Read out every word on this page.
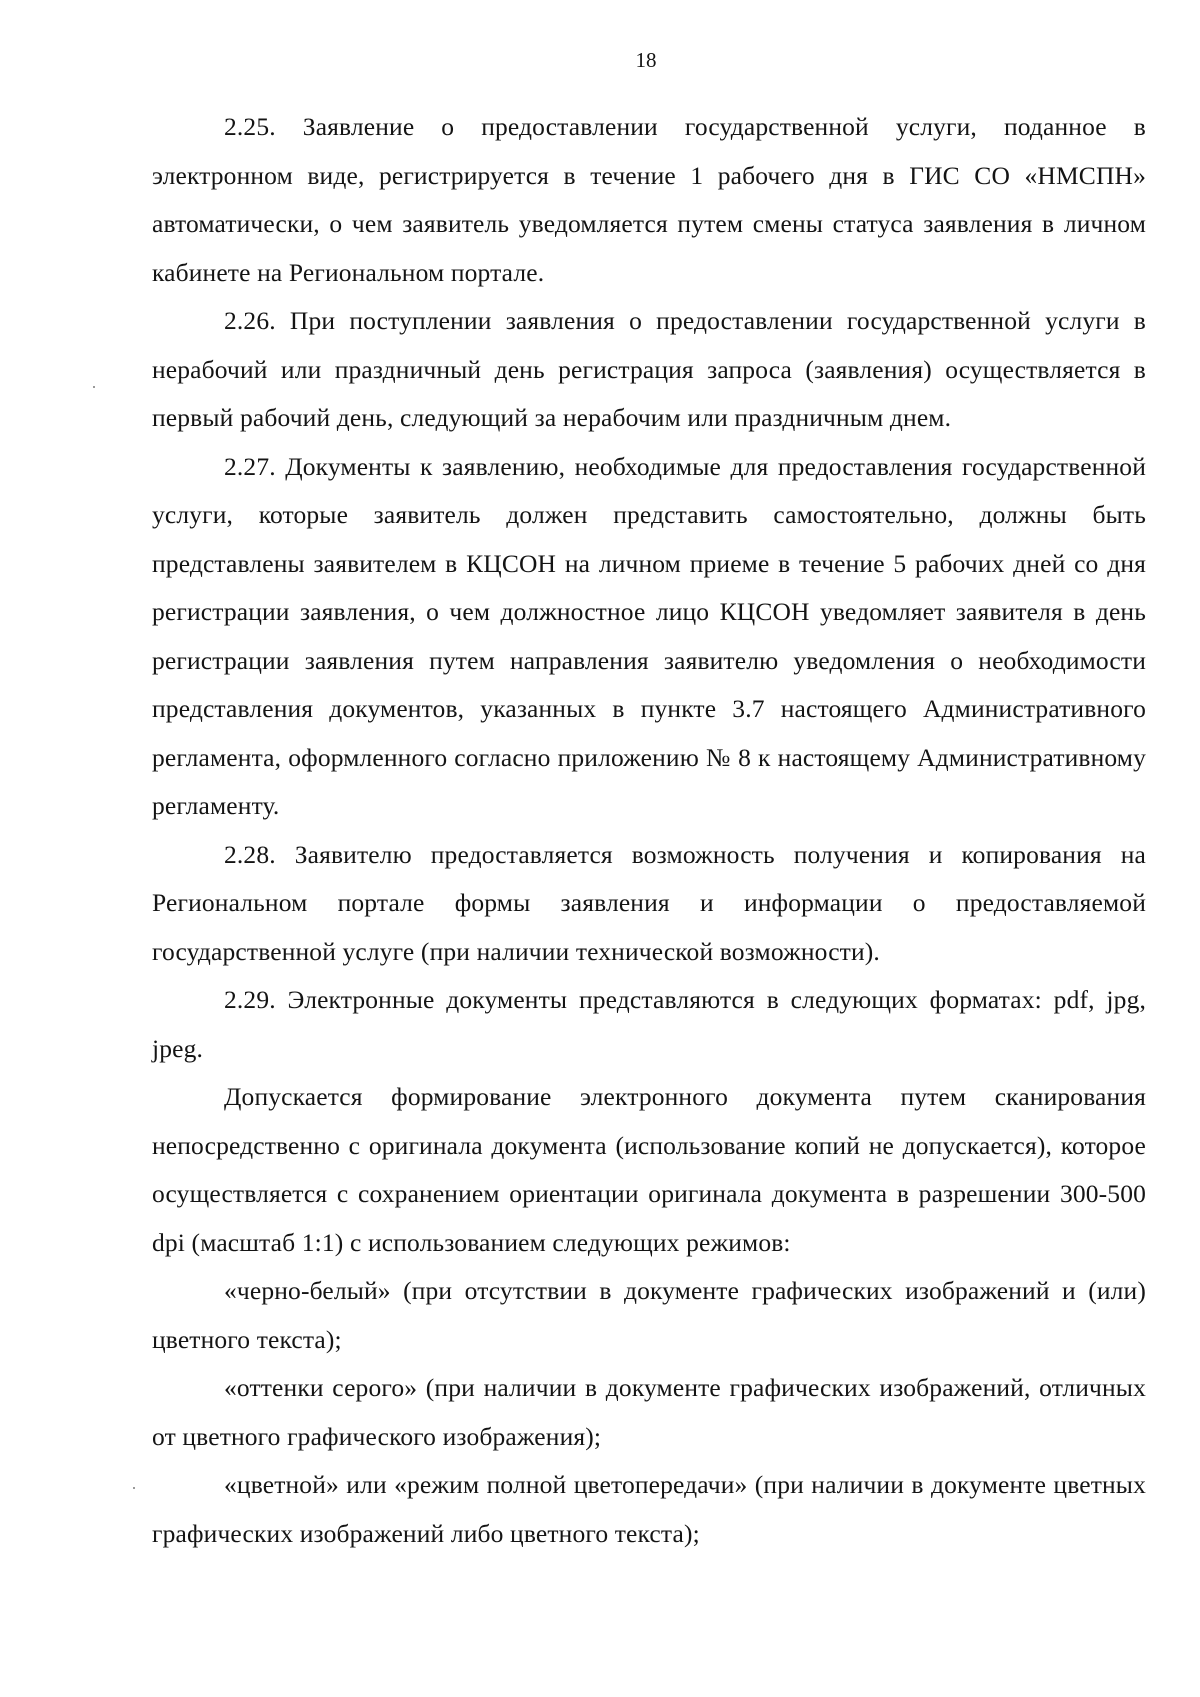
18

2.25. Заявление о предоставлении государственной услуги, поданное в электронном виде, регистрируется в течение 1 рабочего дня в ГИС СО «НМСПН» автоматически, о чем заявитель уведомляется путем смены статуса заявления в личном кабинете на Региональном портале.

2.26. При поступлении заявления о предоставлении государственной услуги в нерабочий или праздничный день регистрация запроса (заявления) осуществляется в первый рабочий день, следующий за нерабочим или праздничным днем.

2.27. Документы к заявлению, необходимые для предоставления государственной услуги, которые заявитель должен представить самостоятельно, должны быть представлены заявителем в КЦСОН на личном приеме в течение 5 рабочих дней со дня регистрации заявления, о чем должностное лицо КЦСОН уведомляет заявителя в день регистрации заявления путем направления заявителю уведомления о необходимости представления документов, указанных в пункте 3.7 настоящего Административного регламента, оформленного согласно приложению № 8 к настоящему Административному регламенту.

2.28. Заявителю предоставляется возможность получения и копирования на Региональном портале формы заявления и информации о предоставляемой государственной услуге (при наличии технической возможности).

2.29. Электронные документы представляются в следующих форматах: pdf, jpg, jpeg.

Допускается формирование электронного документа путем сканирования непосредственно с оригинала документа (использование копий не допускается), которое осуществляется с сохранением ориентации оригинала документа в разрешении 300-500 dpi (масштаб 1:1) с использованием следующих режимов:

«черно-белый» (при отсутствии в документе графических изображений и (или) цветного текста);

«оттенки серого» (при наличии в документе графических изображений, отличных от цветного графического изображения);

«цветной» или «режим полной цветопередачи» (при наличии в документе цветных графических изображений либо цветного текста);
